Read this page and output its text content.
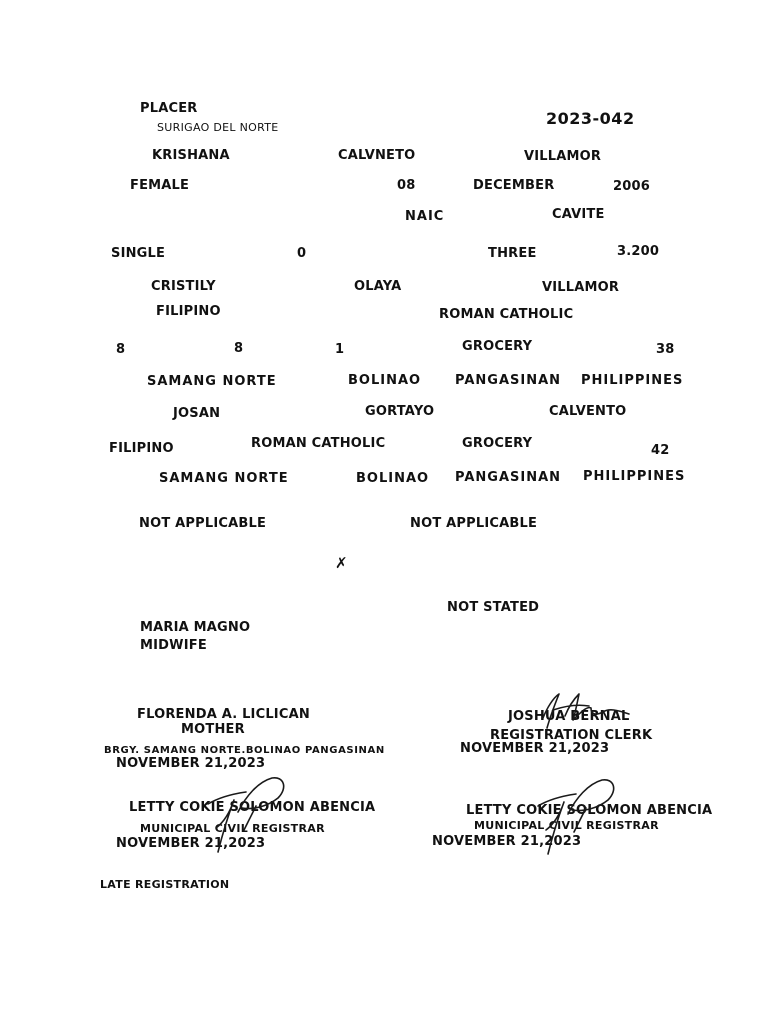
PLACER
SURIGAO DEL NORTE	2023-042
KRISHANA	CALVNETO	VILLAMOR
FEMALE	08	DECEMBER	2006
NAIC	CAVITE
SINGLE	0	THREE	3.200
CRISTILY	OLAYA	VILLAMOR
FILIPINO	ROMAN CATHOLIC
8	8	1	GROCERY	38
SAMANG NORTE	BOLINAO	PANGASINAN PHILIPPINES
JOSAN	GORTAYO	CALVENTO
FILIPINO	ROMAN CATHOLIC	GROCERY	42
SAMANG NORTE	BOLINAO PANGASINAN PHILIPPINES
NOT APPLICABLE	NOT APPLICABLE
✗
NOT STATED
MARIA MAGNO
MIDWIFE
FLORENDA A. LICLICAN
MOTHER
BRGY. SAMANG NORTE.BOLINAO PANGASINAN
NOVEMBER 21,2023
JOSHUA BERNAL
REGISTRATION CLERK
NOVEMBER 21,2023
LETTY COKIE SOLOMON ABENCIA
MUNICIPAL CIVIL REGISTRAR
NOVEMBER 21,2023
LETTY COKIE SOLOMON ABENCIA
MUNICIPAL CIVIL REGISTRAR
NOVEMBER 21,2023
LATE REGISTRATION
